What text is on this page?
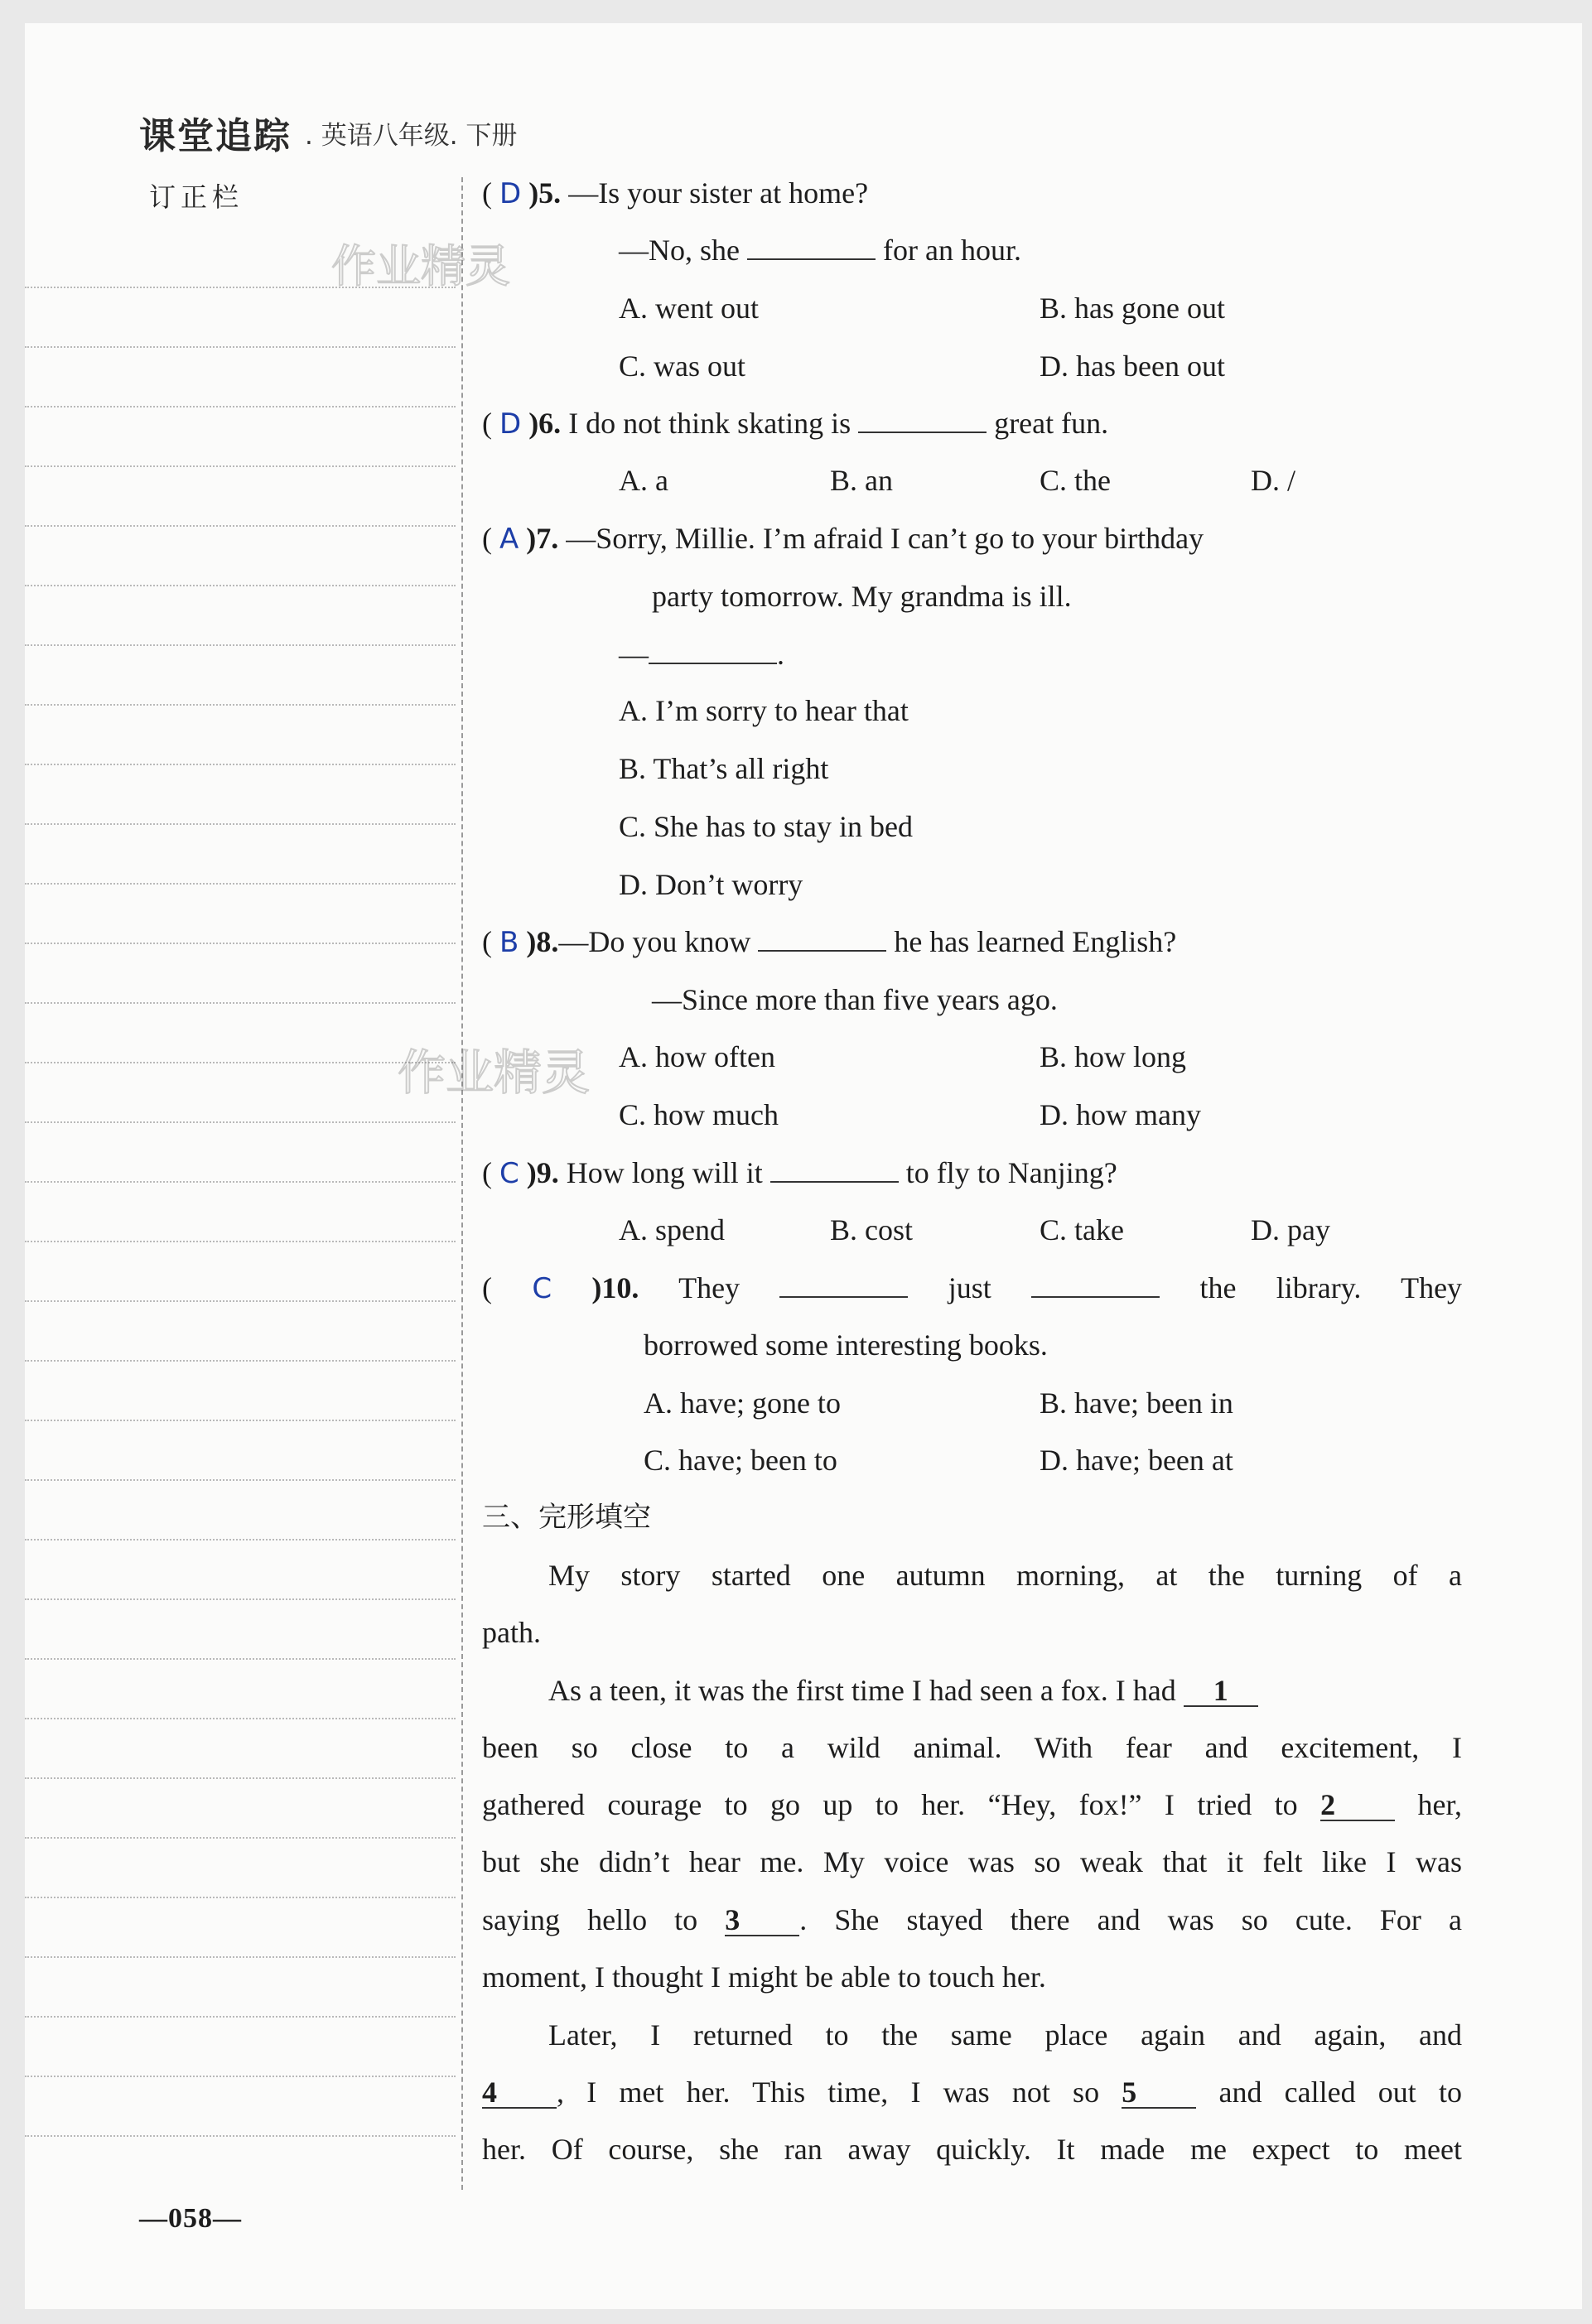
课堂追踪 . 英语八年级. 下册
订正栏
作业精灵
作业精灵
( D )5. —Is your sister at home?
—No, she	for an hour.
A. went out	B. has gone out
C. was out	D. has been out
( D )6. I do not think skating is	great fun.
A. a	B. an	C. the	D. /
( A )7. —Sorry, Millie. I’m afraid I can’t go to your birthday
party tomorrow. My grandma is ill.
—	.
A. I’m sorry to hear that
B. That’s all right
C. She has to stay in bed
D. Don’t worry
( B )8.—Do you know	he has learned English?
—Since more than five years ago.
A. how often	B. how long
C. how much	D. how many
( C )9. How long will it	to fly to Nanjing?
A. spend	B. cost	C. take	D. pay
( C )10. They	just	the library. They
borrowed some interesting books.
A. have; gone to	B. have; been in
C. have; been to	D. have; been at
三、完形填空
My story started one autumn morning, at the turning of a
path.
As a teen, it was the first time I had seen a fox. I had 1
been so close to a wild animal. With fear and excitement, I
gathered courage to go up to her. “Hey, fox!” I tried to 2	her,
but she didn’t hear me. My voice was so weak that it felt like I was
saying hello to 3 . She stayed there and was so cute. For a
moment, I thought I might be able to touch her.
Later, I returned to the same place again and again, and
4 , I met her. This time, I was not so 5	and called out to
her. Of course, she ran away quickly. It made me expect to meet
—058—
